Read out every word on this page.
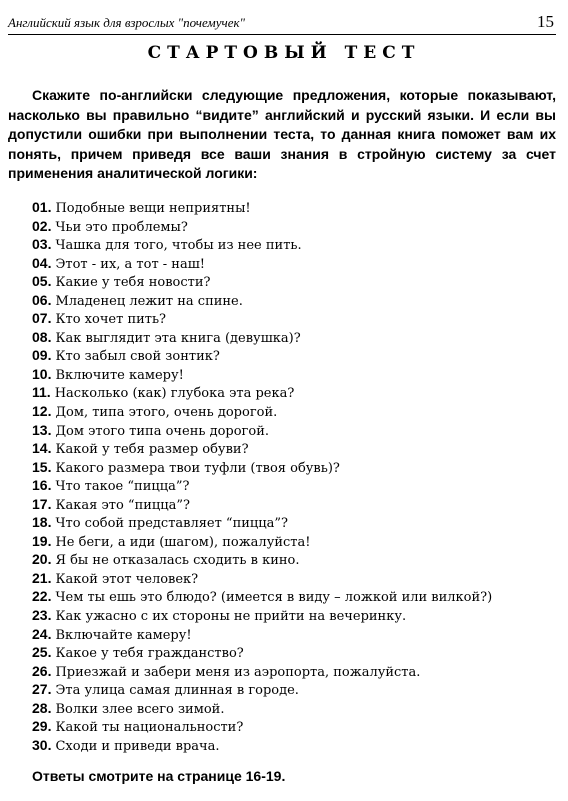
Английский язык для взрослых "почемучек"	15
СТАРТОВЫЙ ТЕСТ
Скажите по-английски следующие предложения, которые показывают, насколько вы правильно “видите” английский и русский языки. И если вы допустили ошибки при выполнении теста, то данная книга поможет вам их понять, причем приведя все ваши знания в стройную систему за счет применения аналитической логики:
01. Подобные вещи неприятны!
02. Чьи это проблемы?
03. Чашка для того, чтобы из нее пить.
04. Этот - их, а тот - наш!
05. Какие у тебя новости?
06. Младенец лежит на спине.
07. Кто хочет пить?
08. Как выглядит эта книга (девушка)?
09. Кто забыл свой зонтик?
10. Включите камеру!
11. Насколько (как) глубока эта река?
12. Дом, типа этого, очень дорогой.
13. Дом этого типа очень дорогой.
14. Какой у тебя размер обуви?
15. Какого размера твои туфли (твоя обувь)?
16. Что такое “пицца”?
17. Какая это “пицца”?
18. Что собой представляет “пицца”?
19. Не беги, а иди (шагом), пожалуйста!
20. Я бы не отказалась сходить в кино.
21. Какой этот человек?
22. Чем ты ешь это блюдо? (имеется в виду – ложкой или вилкой?)
23. Как ужасно с их стороны не прийти на вечеринку.
24. Включайте камеру!
25. Какое у тебя гражданство?
26. Приезжай и забери меня из аэропорта, пожалуйста.
27. Эта улица самая длинная в городе.
28. Волки злее всего зимой.
29. Какой ты национальности?
30. Сходи и приведи врача.
Ответы смотрите на странице 16-19.
